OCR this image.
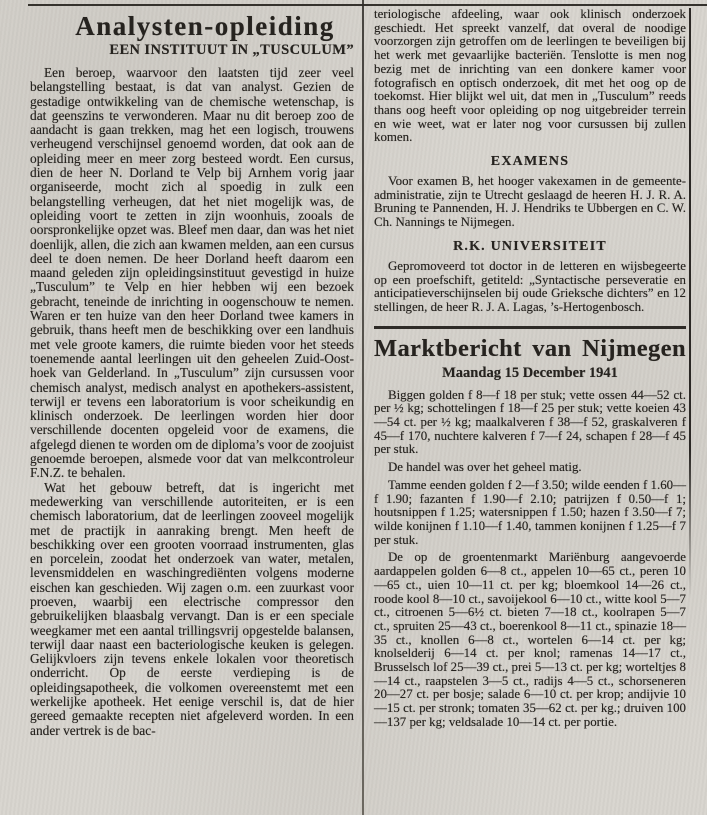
Analysten-opleiding
EEN INSTITUUT IN „TUSCULUM”

Een beroep, waarvoor den laatsten tijd zeer veel belangstelling bestaat, is dat van analyst. Gezien de gestadige ontwikkeling van de chemische wetenschap, is dat geenszins te verwonderen. Maar nu dit beroep zoo de aandacht is gaan trekken, mag het een logisch, trouwens verheugend verschijnsel genoemd worden, dat ook aan de opleiding meer en meer zorg besteed wordt. Een cursus, dien de heer N. Dorland te Velp bij Arnhem vorig jaar organiseerde, mocht zich al spoedig in zulk een belangstelling verheugen, dat het niet mogelijk was, de opleiding voort te zetten in zijn woonhuis, zooals de oorspronkelijke opzet was. Bleef men daar, dan was het niet doenlijk, allen, die zich aan kwamen melden, aan een cursus deel te doen nemen. De heer Dorland heeft daarom een maand geleden zijn opleidingsinstituut gevestigd in huize „Tusculum” te Velp en hier hebben wij een bezoek gebracht, teneinde de inrichting in oogenschouw te nemen. Waren er ten huize van den heer Dorland twee kamers in gebruik, thans heeft men de beschikking over een landhuis met vele groote kamers, die ruimte bieden voor het steeds toenemende aantal leerlingen uit den geheelen Zuid-Oost-hoek van Gelderland. In „Tusculum” zijn cursussen voor chemisch analyst, medisch analyst en apothekers-assistent, terwijl er tevens een laboratorium is voor scheikundig en klinisch onderzoek. De leerlingen worden hier door verschillende docenten opgeleid voor de examens, die afgelegd dienen te worden om de diploma’s voor de zoojuist genoemde beroepen, alsmede voor dat van melkcontroleur F.N.Z. te behalen.

Wat het gebouw betreft, dat is ingericht met medewerking van verschillende autoriteiten, er is een chemisch laboratorium, dat de leerlingen zooveel mogelijk met de practijk in aanraking brengt. Men heeft de beschikking over een grooten voorraad instrumenten, glas en porcelein, zoodat het onderzoek van water, metalen, levensmiddelen en waschingrediënten volgens moderne eischen kan geschieden. Wij zagen o.m. een zuurkast voor proeven, waarbij een electrische compressor den gebruikelijken blaasbalg vervangt. Dan is er een speciale weegkamer met een aantal trillingsvrij opgestelde balansen, terwijl daar naast een bacteriologische keuken is gelegen. Gelijkvloers zijn tevens enkele lokalen voor theoretisch onderricht. Op de eerste verdieping is de opleidingsapotheek, die volkomen overeenstemt met een werkelijke apotheek. Het eenige verschil is, dat de hier gereed gemaakte recepten niet afgeleverd worden. In een ander vertrek is de bac-

teriologische afdeeling, waar ook klinisch onderzoek geschiedt. Het spreekt vanzelf, dat overal de noodige voorzorgen zijn getroffen om de leerlingen te beveiligen bij het werk met gevaarlijke bacteriën. Tenslotte is men nog bezig met de inrichting van een donkere kamer voor fotografisch en optisch onderzoek, dit met het oog op de toekomst. Hier blijkt wel uit, dat men in „Tusculum” reeds thans oog heeft voor opleiding op nog uitgebreider terrein en wie weet, wat er later nog voor cursussen bij zullen komen.

EXAMENS

Voor examen B, het hooger vakexamen in de gemeente-administratie, zijn te Utrecht geslaagd de heeren H. J. R. A. Bruning te Pannenden, H. J. Hendriks te Ubbergen en C. W. Ch. Nannings te Nijmegen.

R.K. UNIVERSITEIT

Gepromoveerd tot doctor in de letteren en wijsbegeerte op een proefschift, getiteld: „Syntactische perseveratie en anticipatieverschijnselen bij oude Grieksche dichters” en 12 stellingen, de heer R. J. A. Lagas, ’s-Hertogenbosch.

Marktbericht van Nijmegen
Maandag 15 December 1941

Biggen golden f 8—f 18 per stuk; vette ossen 44—52 ct. per ½ kg; schottelingen f 18—f 25 per stuk; vette koeien 43—54 ct. per ½ kg; maalkalveren f 38—f 52, graskalveren f 45—f 170, nuchtere kalveren f 7—f 24, schapen f 28—f 45 per stuk.

De handel was over het geheel matig.

Tamme eenden golden f 2—f 3.50; wilde eenden f 1.60—f 1.90; fazanten f 1.90—f 2.10; patrijzen f 0.50—f 1; houtsnippen f 1.25; watersnippen f 1.50; hazen f 3.50—f 7; wilde konijnen f 1.10—f 1.40, tammen konijnen f 1.25—f 7 per stuk.

De op de groentenmarkt Mariënburg aangevoerde aardappelen golden 6—8 ct., appelen 10—65 ct., peren 10—65 ct., uien 10—11 ct. per kg; bloemkool 14—26 ct., roode kool 8—10 ct., savoijekool 6—10 ct., witte kool 5—7 ct., citroenen 5—6½ ct. bieten 7—18 ct., koolrapen 5—7 ct., spruiten 25—43 ct., boerenkool 8—11 ct., spinazie 18—35 ct., knollen 6—8 ct., wortelen 6—14 ct. per kg; knolselderij 6—14 ct. per knol; ramenas 14—17 ct., Brusselsch lof 25—39 ct., prei 5—13 ct. per kg; worteltjes 8—14 ct., raapstelen 3—5 ct., radijs 4—5 ct., schorseneren 20—27 ct. per bosje; salade 6—10 ct. per krop; andijvie 10—15 ct. per stronk; tomaten 35—62 ct. per kg.; druiven 100—137 per kg; veldsalade 10—14 ct. per portie.
